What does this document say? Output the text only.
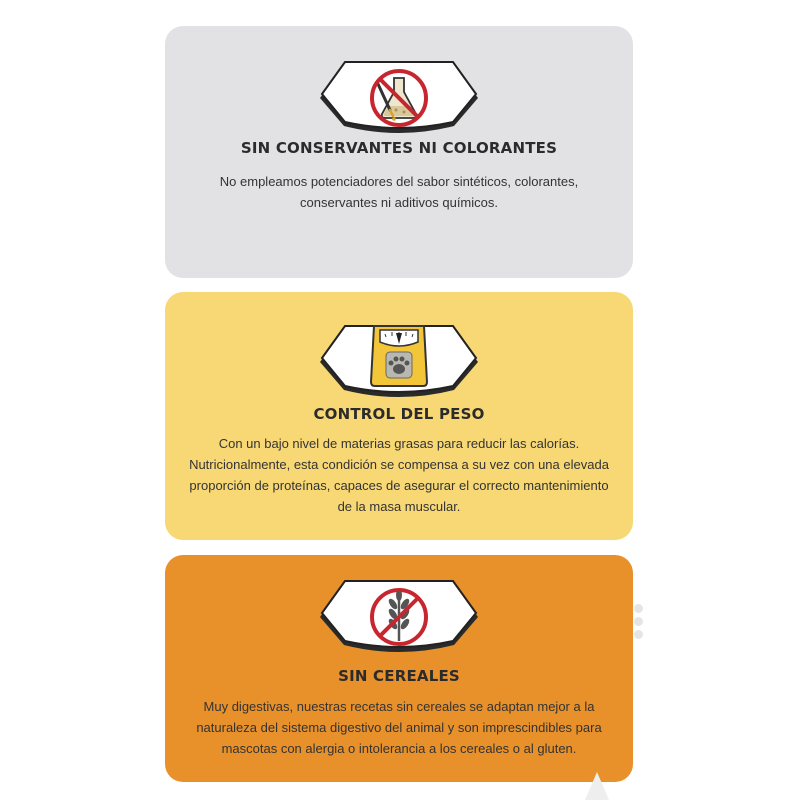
SIN CONSERVANTES NI COLORANTES
No empleamos potenciadores del sabor sintéticos, colorantes, conservantes ni aditivos químicos.
CONTROL DEL PESO
Con un bajo nivel de materias grasas para reducir las calorías. Nutricionalmente, esta condición se compensa a su vez con una elevada proporción de proteínas, capaces de asegurar el correcto mantenimiento de la masa muscular.
SIN CEREALES
Muy digestivas, nuestras recetas sin cereales se adaptan mejor a la naturaleza del sistema digestivo del animal y son imprescindibles para mascotas con alergia o intolerancia a los cereales o al gluten.
